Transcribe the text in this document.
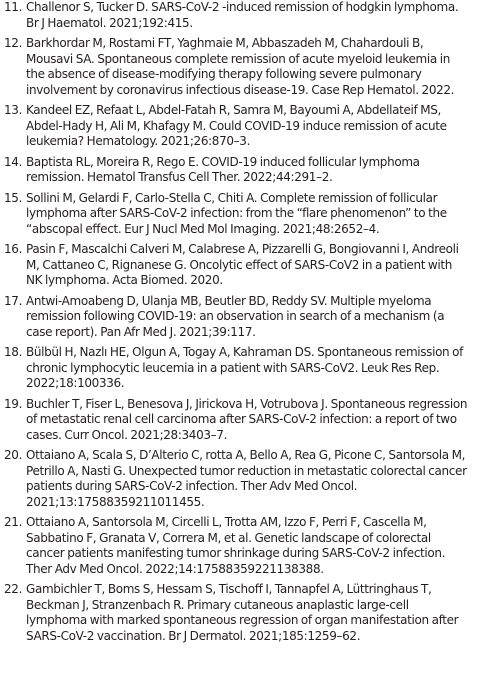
11. Challenor S, Tucker D. SARS-CoV-2 -induced remission of hodgkin lymphoma. Br J Haematol. 2021;192:415.
12. Barkhordar M, Rostami FT, Yaghmaie M, Abbaszadeh M, Chahardouli B, Mousavi SA. Spontaneous complete remission of acute myeloid leukemia in the absence of disease-modifying therapy following severe pulmonary involvement by coronavirus infectious disease-19. Case Rep Hematol. 2022.
13. Kandeel EZ, Refaat L, Abdel-Fatah R, Samra M, Bayoumi A, Abdellateif MS, Abdel-Hady H, Ali M, Khafagy M. Could COVID-19 induce remission of acute leukemia? Hematology. 2021;26:870–3.
14. Baptista RL, Moreira R, Rego E. COVID-19 induced follicular lymphoma remission. Hematol Transfus Cell Ther. 2022;44:291–2.
15. Sollini M, Gelardi F, Carlo-Stella C, Chiti A. Complete remission of follicular lymphoma after SARS-CoV-2 infection: from the “flare phenomenon” to the “abscopal effect. Eur J Nucl Med Mol Imaging. 2021;48:2652–4.
16. Pasin F, Mascalchi Calveri M, Calabrese A, Pizzarelli G, Bongiovanni I, Andreoli M, Cattaneo C, Rignanese G. Oncolytic effect of SARS-CoV2 in a patient with NK lymphoma. Acta Biomed. 2020.
17. Antwi-Amoabeng D, Ulanja MB, Beutler BD, Reddy SV. Multiple myeloma remission following COVID-19: an observation in search of a mechanism (a case report). Pan Afr Med J. 2021;39:117.
18. Bülbül H, Nazlı HE, Olgun A, Togay A, Kahraman DS. Spontaneous remission of chronic lymphocytic leucemia in a patient with SARS-CoV2. Leuk Res Rep. 2022;18:100336.
19. Buchler T, Fiser L, Benesova J, Jirickova H, Votrubova J. Spontaneous regression of metastatic renal cell carcinoma after SARS-CoV-2 infection: a report of two cases. Curr Oncol. 2021;28:3403–7.
20. Ottaiano A, Scala S, D’Alterio C, rotta A, Bello A, Rea G, Picone C, Santorsola M, Petrillo A, Nasti G. Unexpected tumor reduction in metastatic colorectal cancer patients during SARS-CoV-2 infection. Ther Adv Med Oncol. 2021;13:17588359211011455.
21. Ottaiano A, Santorsola M, Circelli L, Trotta AM, Izzo F, Perri F, Cascella M, Sabbatino F, Granata V, Correra M, et al. Genetic landscape of colorectal cancer patients manifesting tumor shrinkage during SARS-CoV-2 infection. Ther Adv Med Oncol. 2022;14:17588359221138388.
22. Gambichler T, Boms S, Hessam S, Tischoff I, Tannapfel A, Lüttringhaus T, Beckman J, Stranzenbach R. Primary cutaneous anaplastic large-cell lymphoma with marked spontaneous regression of organ manifestation after SARS-CoV-2 vaccination. Br J Dermatol. 2021;185:1259–62.
